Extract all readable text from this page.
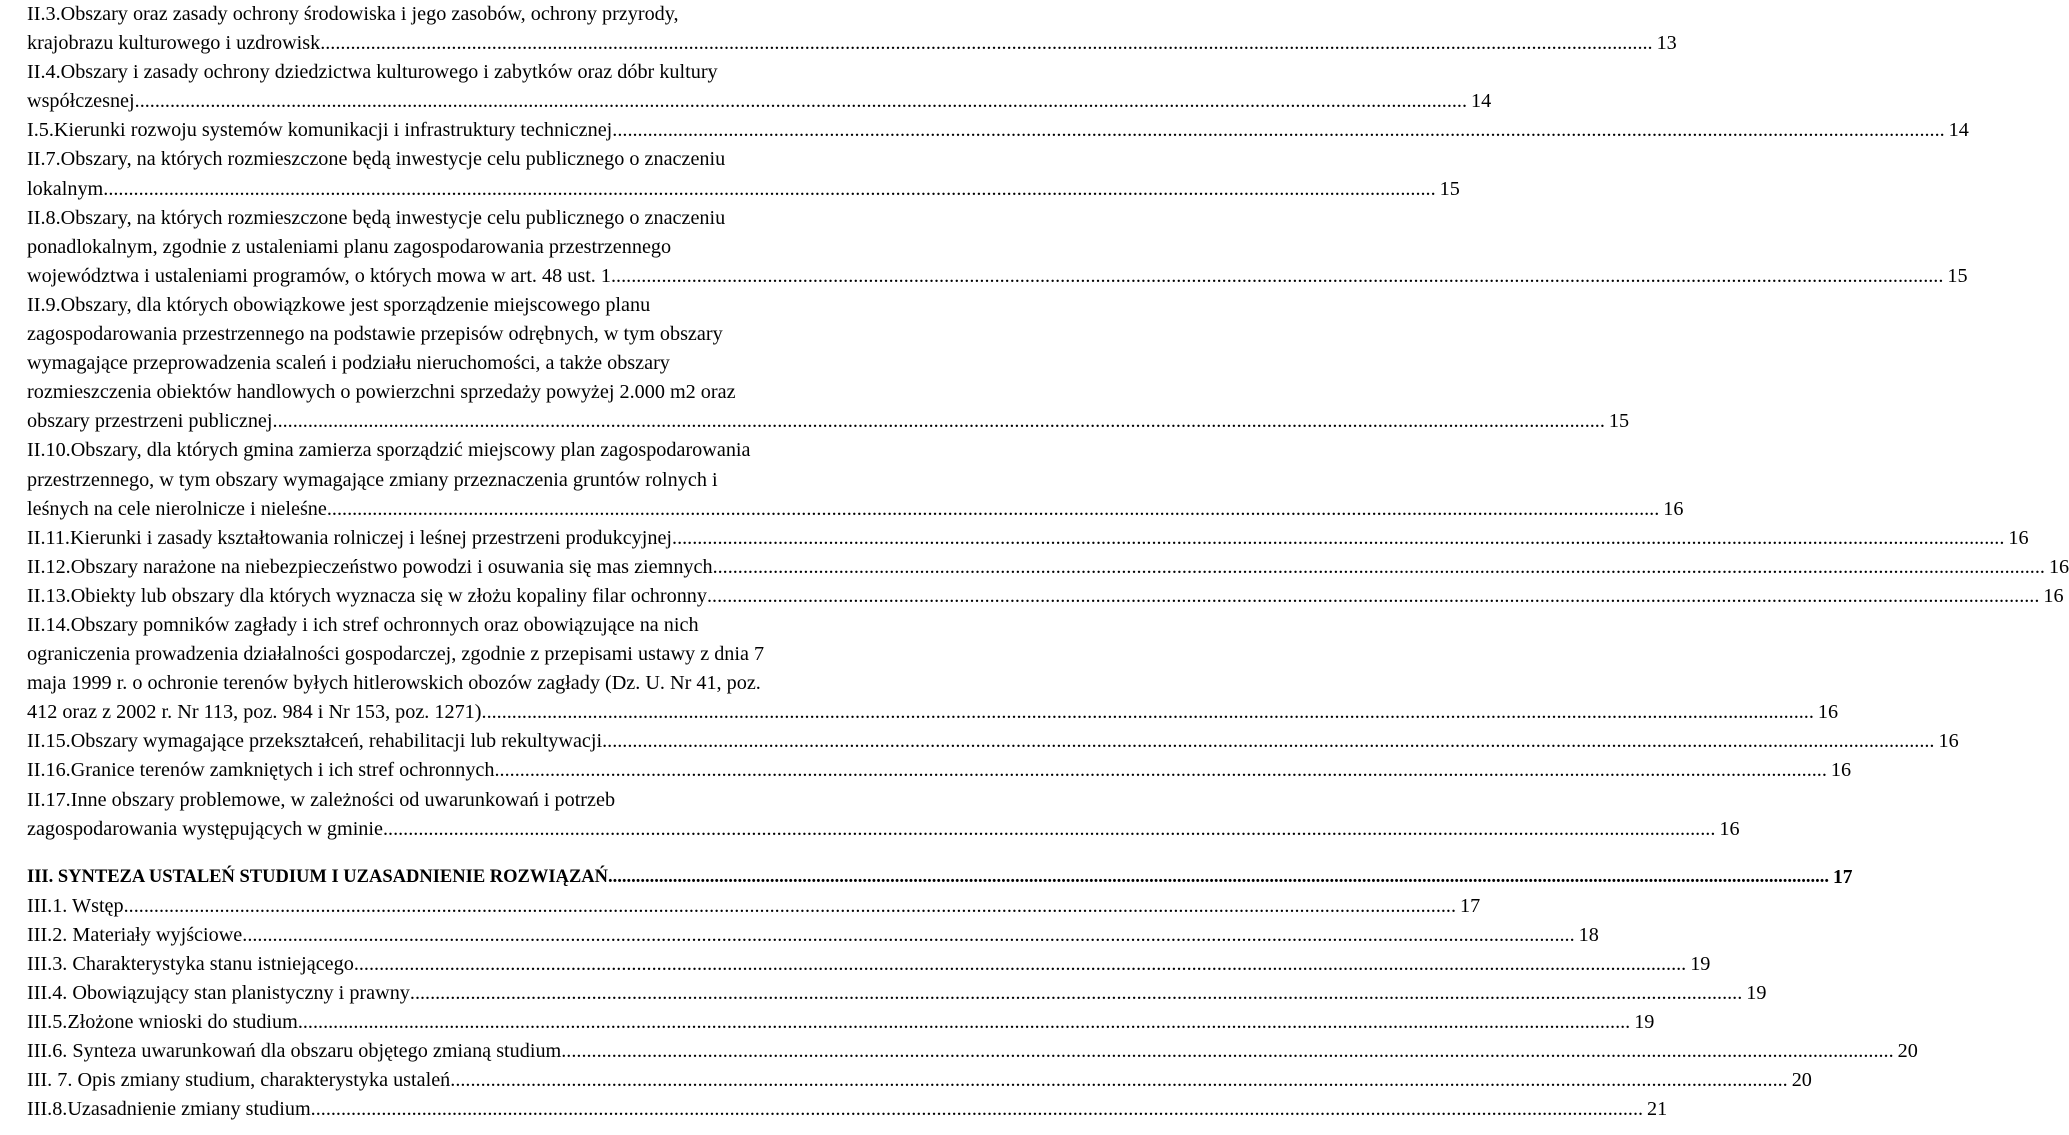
II.3.Obszary oraz zasady ochrony środowiska i jego zasobów, ochrony przyrody,
krajobrazu kulturowego i uzdrowisk .....	13
II.4.Obszary i zasady ochrony dziedzictwa kulturowego i zabytków oraz dóbr kultury
współczesnej .....	14
I.5.Kierunki rozwoju systemów komunikacji i infrastruktury technicznej .....	14
II.7.Obszary, na których rozmieszczone będą inwestycje celu publicznego o znaczeniu
lokalnym .....	15
II.8.Obszary, na których rozmieszczone będą inwestycje celu publicznego o znaczeniu
ponadlokalnym, zgodnie z ustaleniami planu zagospodarowania przestrzennego
województwa i ustaleniami programów, o których mowa w art. 48 ust. 1 .....	15
II.9.Obszary, dla których obowiązkowe jest sporządzenie miejscowego planu
zagospodarowania przestrzennego na podstawie przepisów odrębnych, w tym obszary
wymagające przeprowadzenia scaleń i podziału nieruchomości, a także obszary
rozmieszczenia obiektów handlowych o powierzchni sprzedaży powyżej 2.000 m2 oraz
obszary przestrzeni publicznej .....	15
II.10.Obszary, dla których gmina zamierza sporządzić miejscowy plan zagospodarowania
przestrzennego, w tym obszary wymagające zmiany przeznaczenia gruntów rolnych i
leśnych na cele nierolnicze i nieleśne .....	16
II.11.Kierunki i zasady kształtowania rolniczej i leśnej przestrzeni produkcyjnej .....	16
II.12.Obszary narażone na niebezpieczeństwo powodzi i osuwania się mas ziemnych .....	16
II.13.Obiekty lub obszary dla których wyznacza się w złożu kopaliny filar ochronny .....	16
II.14.Obszary pomników zagłady i ich stref ochronnych oraz obowiązujące na nich
ograniczenia prowadzenia działalności gospodarczej, zgodnie z przepisami ustawy z dnia 7
maja 1999 r. o ochronie terenów byłych hitlerowskich obozów zagłady (Dz. U. Nr 41, poz.
412 oraz z 2002 r. Nr 113, poz. 984 i Nr 153, poz. 1271) .....	16
II.15.Obszary wymagające przekształceń, rehabilitacji lub rekultywacji .....	16
II.16.Granice terenów zamkniętych i ich stref ochronnych .....	16
II.17.Inne obszary problemowe, w zależności od uwarunkowań i potrzeb
zagospodarowania występujących w gminie .....	16
III. SYNTEZA USTALEŃ STUDIUM I UZASADNIENIE ROZWIĄZAŃ .....	17
III.1. Wstęp .....	17
III.2. Materiały wyjściowe .....	18
III.3. Charakterystyka stanu istniejącego .....	19
III.4. Obowiązujący stan planistyczny i prawny .....	19
III.5.Złożone wnioski do studium .....	19
III.6. Synteza uwarunkowań dla obszaru objętego zmianą studium .....	20
III. 7. Opis zmiany studium, charakterystyka ustaleń. .....	20
III.8.Uzasadnienie zmiany studium .....	21
